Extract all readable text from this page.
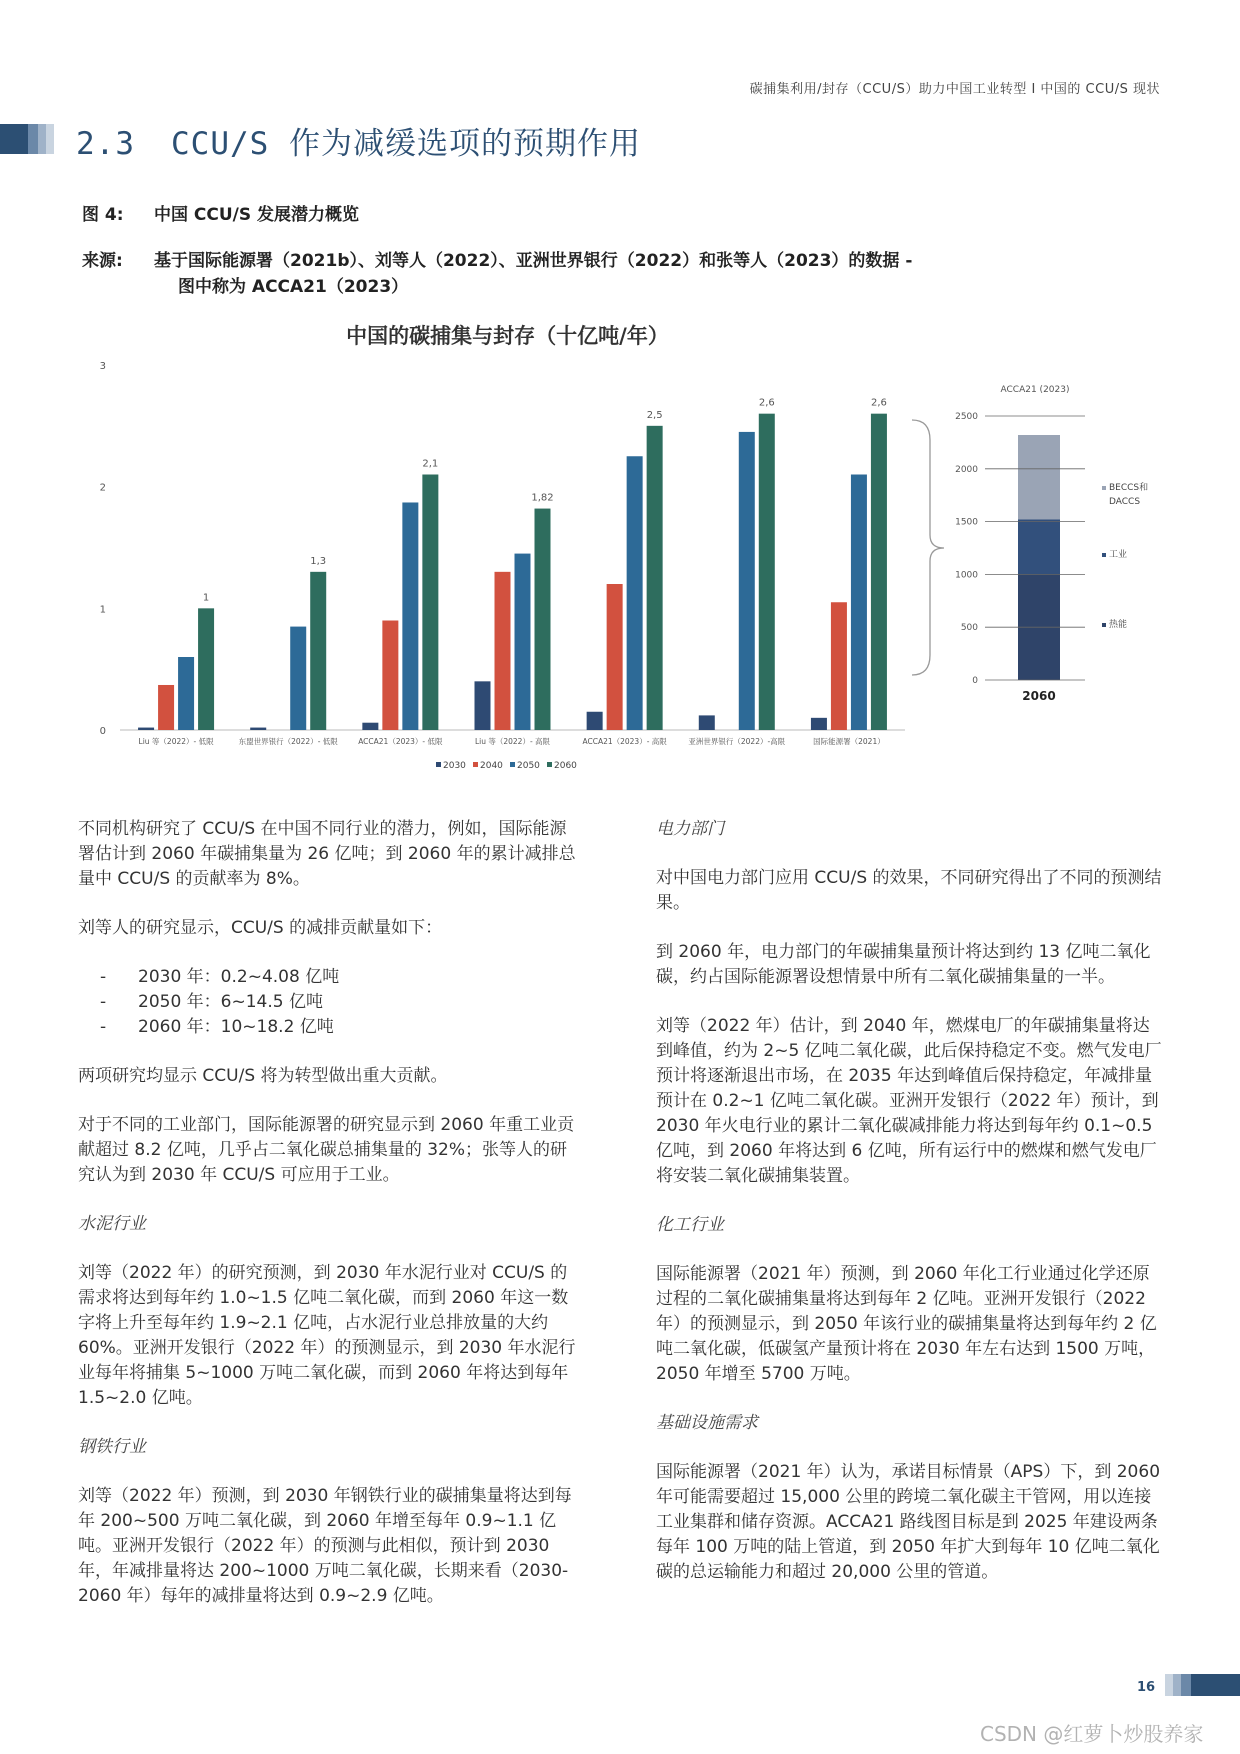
碳捕集利用/封存（CCU/S）助力中国工业转型 I 中国的 CCU/S 现状
2.3 CCU/S 作为减缓选项的预期作用
图 4: 中国 CCU/S 发展潜力概览
来源: 基于国际能源署（2021b）、刘等人（2022）、亚洲世界银行（2022）和张等人（2023）的数据 -
图中称为 ACCA21（2023）
中国的碳捕集与封存（十亿吨/年）
0
1
2
3
1
Liu 等（2022）- 低限
1,3
东盟世界银行（2022）- 低限
2,1
ACCA21（2023）- 低限
1,82
Liu 等（2022）- 高限
2,5
ACCA21（2023）- 高限
2,6
亚洲世界银行（2022）-高限
2,6
国际能源署（2021）
2030 2040 2050 2060
ACCA21 (2023)
0
500
1000
1500
2000
2500
2060
BECCS和
DACCS
工业
热能

不同机构研究了 CCU/S 在中国不同行业的潜力，例如，国际能源署估计到 2060 年碳捕集量为 26 亿吨；到 2060 年的累计减排总量中 CCU/S 的贡献率为 8%。

刘等人的研究显示，CCU/S 的减排贡献量如下：

- 2030 年：0.2~4.08 亿吨
- 2050 年：6~14.5 亿吨
- 2060 年：10~18.2 亿吨

两项研究均显示 CCU/S 将为转型做出重大贡献。

对于不同的工业部门，国际能源署的研究显示到 2060 年重工业贡献超过 8.2 亿吨，几乎占二氧化碳总捕集量的 32%；张等人的研究认为到 2030 年 CCU/S 可应用于工业。

水泥行业

刘等（2022 年）的研究预测，到 2030 年水泥行业对 CCU/S 的需求将达到每年约 1.0~1.5 亿吨二氧化碳，而到 2060 年这一数字将上升至每年约 1.9~2.1 亿吨，占水泥行业总排放量的大约 60%。亚洲开发银行（2022 年）的预测显示，到 2030 年水泥行业每年将捕集 5~1000 万吨二氧化碳，而到 2060 年将达到每年 1.5~2.0 亿吨。

钢铁行业

刘等（2022 年）预测，到 2030 年钢铁行业的碳捕集量将达到每年 200~500 万吨二氧化碳，到 2060 年增至每年 0.9~1.1 亿吨。亚洲开发银行（2022 年）的预测与此相似，预计到 2030 年，年减排量将达 200~1000 万吨二氧化碳，长期来看（2030-2060 年）每年的减排量将达到 0.9~2.9 亿吨。

电力部门

对中国电力部门应用 CCU/S 的效果，不同研究得出了不同的预测结果。

到 2060 年，电力部门的年碳捕集量预计将达到约 13 亿吨二氧化碳，约占国际能源署设想情景中所有二氧化碳捕集量的一半。

刘等（2022 年）估计，到 2040 年，燃煤电厂的年碳捕集量将达到峰值，约为 2~5 亿吨二氧化碳，此后保持稳定不变。燃气发电厂预计将逐渐退出市场，在 2035 年达到峰值后保持稳定，年减排量预计在 0.2~1 亿吨二氧化碳。亚洲开发银行（2022 年）预计，到 2030 年火电行业的累计二氧化碳减排能力将达到每年约 0.1~0.5 亿吨，到 2060 年将达到 6 亿吨，所有运行中的燃煤和燃气发电厂将安装二氧化碳捕集装置。

化工行业

国际能源署（2021 年）预测，到 2060 年化工行业通过化学还原过程的二氧化碳捕集量将达到每年 2 亿吨。亚洲开发银行（2022 年）的预测显示，到 2050 年该行业的碳捕集量将达到每年约 2 亿吨二氧化碳，低碳氢产量预计将在 2030 年左右达到 1500 万吨，2050 年增至 5700 万吨。

基础设施需求

国际能源署（2021 年）认为，承诺目标情景（APS）下，到 2060 年可能需要超过 15,000 公里的跨境二氧化碳主干管网，用以连接工业集群和储存资源。ACCA21 路线图目标是到 2025 年建设两条每年 100 万吨的陆上管道，到 2050 年扩大到每年 10 亿吨二氧化碳的总运输能力和超过 20,000 公里的管道。

16
CSDN @红萝卜炒股养家
